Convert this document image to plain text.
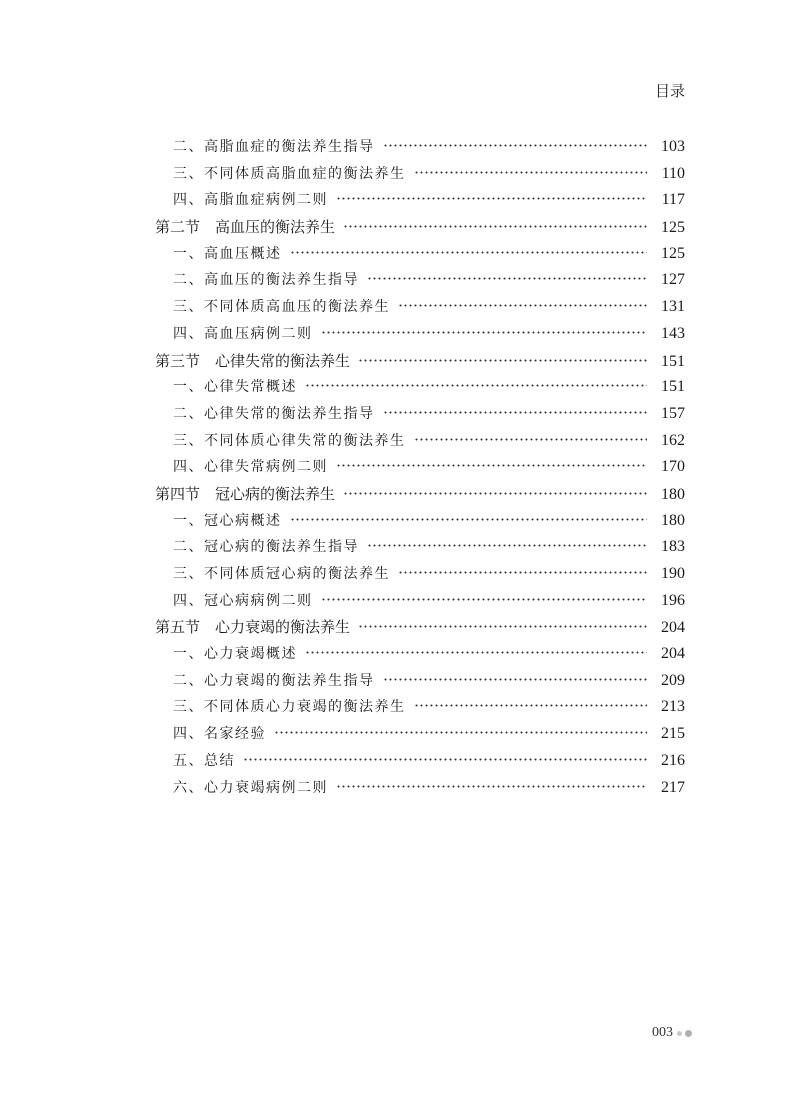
目录
二、高脂血症的衡法养生指导	103
三、不同体质高脂血症的衡法养生	110
四、高脂血症病例二则	117
第二节　高血压的衡法养生	125
一、高血压概述	125
二、高血压的衡法养生指导	127
三、不同体质高血压的衡法养生	131
四、高血压病例二则	143
第三节　心律失常的衡法养生	151
一、心律失常概述	151
二、心律失常的衡法养生指导	157
三、不同体质心律失常的衡法养生	162
四、心律失常病例二则	170
第四节　冠心病的衡法养生	180
一、冠心病概述	180
二、冠心病的衡法养生指导	183
三、不同体质冠心病的衡法养生	190
四、冠心病病例二则	196
第五节　心力衰竭的衡法养生	204
一、心力衰竭概述	204
二、心力衰竭的衡法养生指导	209
三、不同体质心力衰竭的衡法养生	213
四、名家经验	215
五、总结	216
六、心力衰竭病例二则	217
003
